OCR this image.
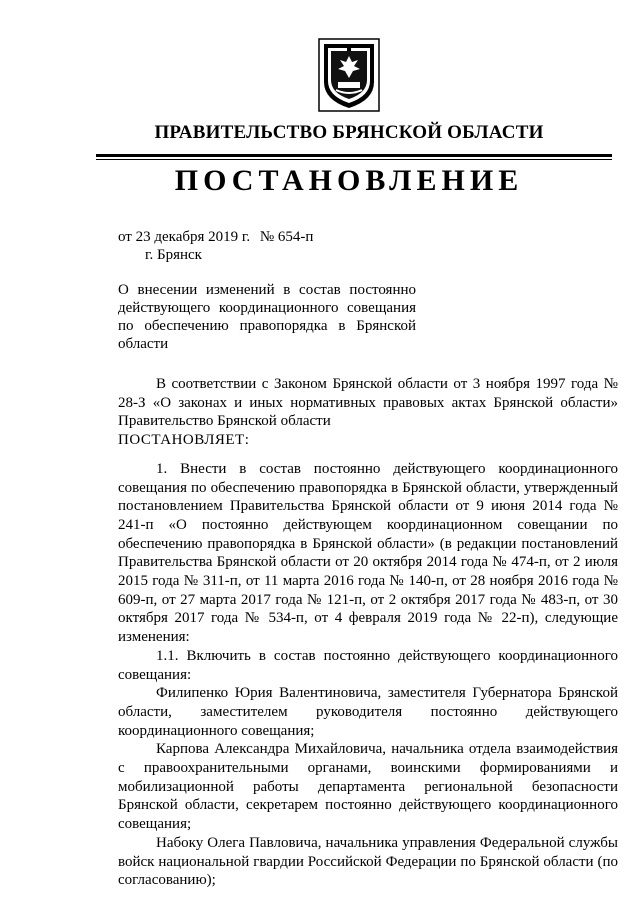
ПРАВИТЕЛЬСТВО БРЯНСКОЙ ОБЛАСТИ
ПОСТАНОВЛЕНИЕ
от 23 декабря 2019 г. № 654-п
г. Брянск
О внесении изменений в состав постоянно действующего координационного совещания по обеспечению правопорядка в Брянской области

В соответствии с Законом Брянской области от 3 ноября 1997 года № 28-З «О законах и иных нормативных правовых актах Брянской области» Правительство Брянской области

ПОСТАНОВЛЯЕТ:

1. Внести в состав постоянно действующего координационного совещания по обеспечению правопорядка в Брянской области, утвержденный постановлением Правительства Брянской области от 9 июня 2014 года № 241-п «О постоянно действующем координационном совещании по обеспечению правопорядка в Брянской области» (в редакции постановлений Правительства Брянской области от 20 октября 2014 года № 474-п, от 2 июля 2015 года № 311-п, от 11 марта 2016 года № 140-п, от 28 ноября 2016 года № 609-п, от 27 марта 2017 года № 121-п, от 2 октября 2017 года № 483-п, от 30 октября 2017 года № 534-п, от 4 февраля 2019 года № 22-п), следующие изменения:

1.1. Включить в состав постоянно действующего координационного совещания:

Филипенко Юрия Валентиновича, заместителя Губернатора Брянской области, заместителем руководителя постоянно действующего координационного совещания;

Карпова Александра Михайловича, начальника отдела взаимодействия с правоохранительными органами, воинскими формированиями и мобилизационной работы департамента региональной безопасности Брянской области, секретарем постоянно действующего координационного совещания;

Набоку Олега Павловича, начальника управления Федеральной службы войск национальной гвардии Российской Федерации по Брянской области (по согласованию);
